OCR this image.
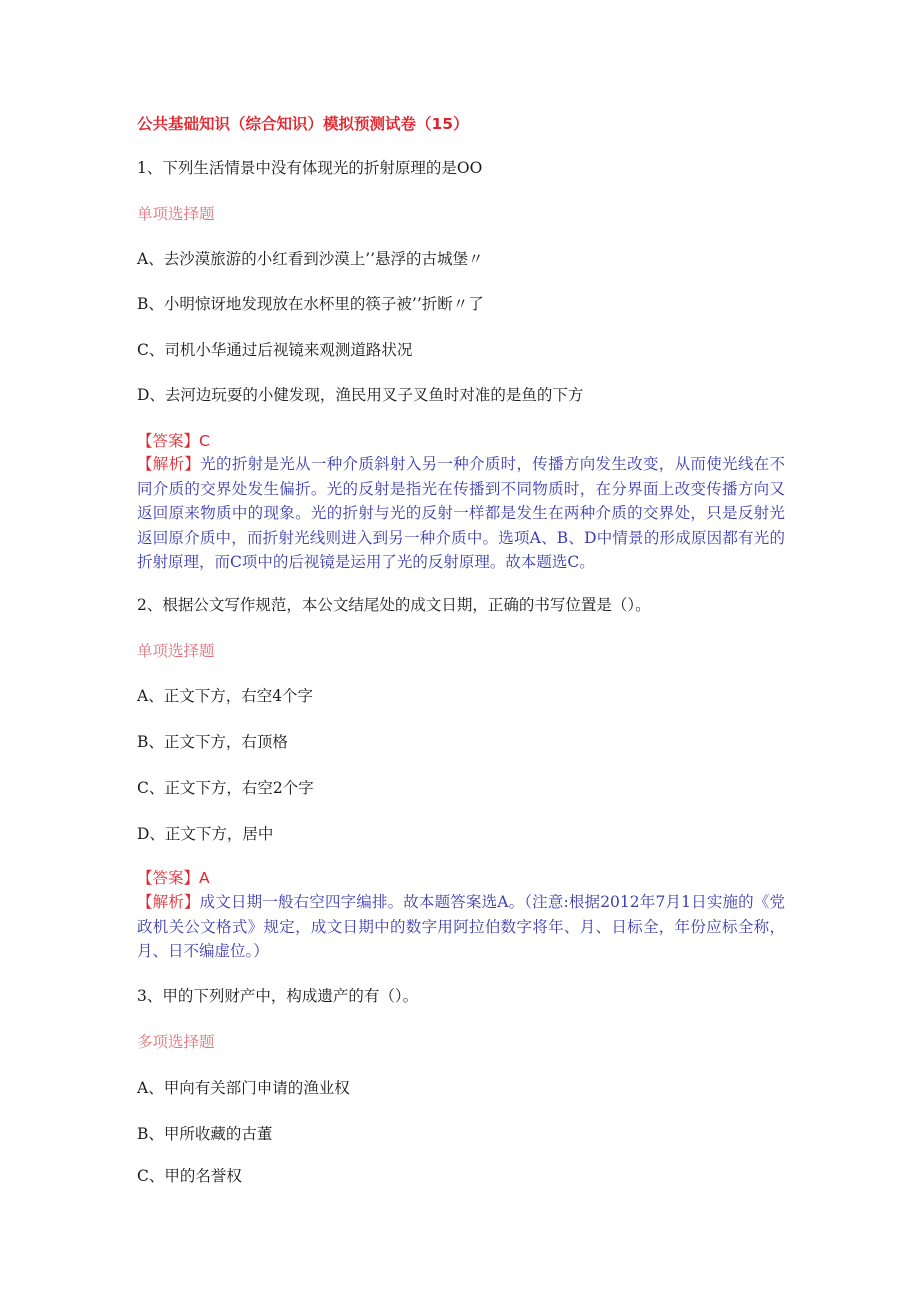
公共基础知识（综合知识）模拟预测试卷（15）
1、下列生活情景中没有体现光的折射原理的是OO
单项选择题
A、去沙漠旅游的小红看到沙漠上’’悬浮的古城堡〃
B、小明惊讶地发现放在水杯里的筷子被’’折断〃了
C、司机小华通过后视镜来观测道路状况
D、去河边玩耍的小健发现，渔民用叉子叉鱼时对准的是鱼的下方
【答案】C
【解析】光的折射是光从一种介质斜射入另一种介质时，传播方向发生改变，从而使光线在不同介质的交界处发生偏折。光的反射是指光在传播到不同物质时，在分界面上改变传播方向又返回原来物质中的现象。光的折射与光的反射一样都是发生在两种介质的交界处，只是反射光返回原介质中，而折射光线则进入到另一种介质中。选项A、B、D中情景的形成原因都有光的折射原理，而C项中的后视镜是运用了光的反射原理。故本题选C。
2、根据公文写作规范，本公文结尾处的成文日期，正确的书写位置是（）。
单项选择题
A、正文下方，右空4个字
B、正文下方，右顶格
C、正文下方，右空2个字
D、正文下方，居中
【答案】A
【解析】成文日期一般右空四字编排。故本题答案选A。（注意:根据2012年7月1日实施的《党政机关公文格式》规定，成文日期中的数字用阿拉伯数字将年、月、日标全，年份应标全称，月、日不编虚位。）
3、甲的下列财产中，构成遗产的有（）。
多项选择题
A、甲向有关部门申请的渔业权
B、甲所收藏的古董
C、甲的名誉权
